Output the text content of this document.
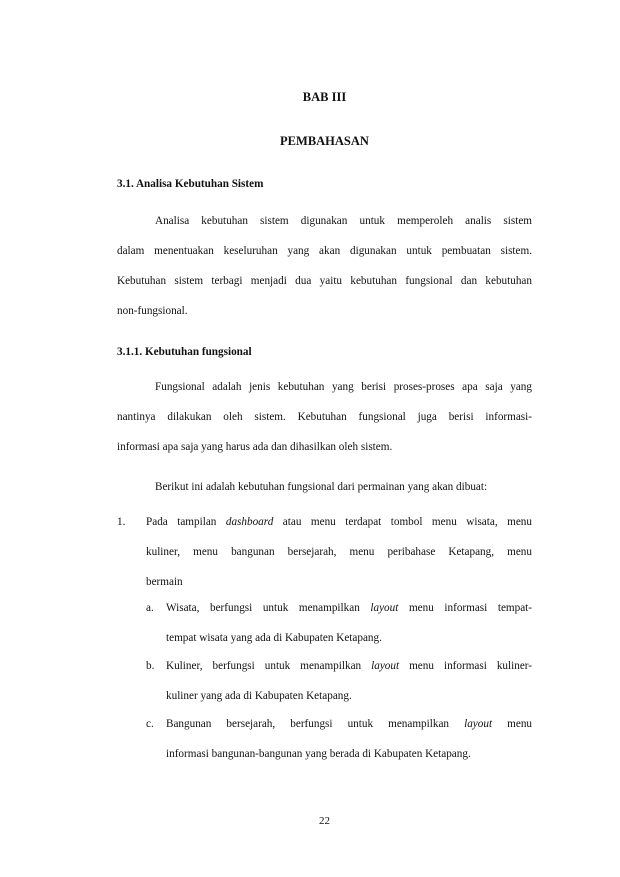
BAB III
PEMBAHASAN
3.1. Analisa Kebutuhan Sistem
Analisa kebutuhan sistem digunakan untuk memperoleh analis sistem
dalam menentuakan keseluruhan yang akan digunakan untuk pembuatan sistem.
Kebutuhan sistem terbagi menjadi dua yaitu kebutuhan fungsional dan kebutuhan
non-fungsional.
3.1.1. Kebutuhan fungsional
Fungsional adalah jenis kebutuhan yang berisi proses-proses apa saja yang
nantinya dilakukan oleh sistem. Kebutuhan fungsional juga berisi informasi-
informasi apa saja yang harus ada dan dihasilkan oleh sistem.
Berikut ini adalah kebutuhan fungsional dari permainan yang akan dibuat:
1. Pada tampilan dashboard atau menu terdapat tombol menu wisata, menu
kuliner, menu bangunan bersejarah, menu peribahase Ketapang, menu
bermain
a. Wisata, berfungsi untuk menampilkan layout menu informasi tempat-
tempat wisata yang ada di Kabupaten Ketapang.
b. Kuliner, berfungsi untuk menampilkan layout menu informasi kuliner-
kuliner yang ada di Kabupaten Ketapang.
c. Bangunan bersejarah, berfungsi untuk menampilkan layout menu
informasi bangunan-bangunan yang berada di Kabupaten Ketapang.
22
